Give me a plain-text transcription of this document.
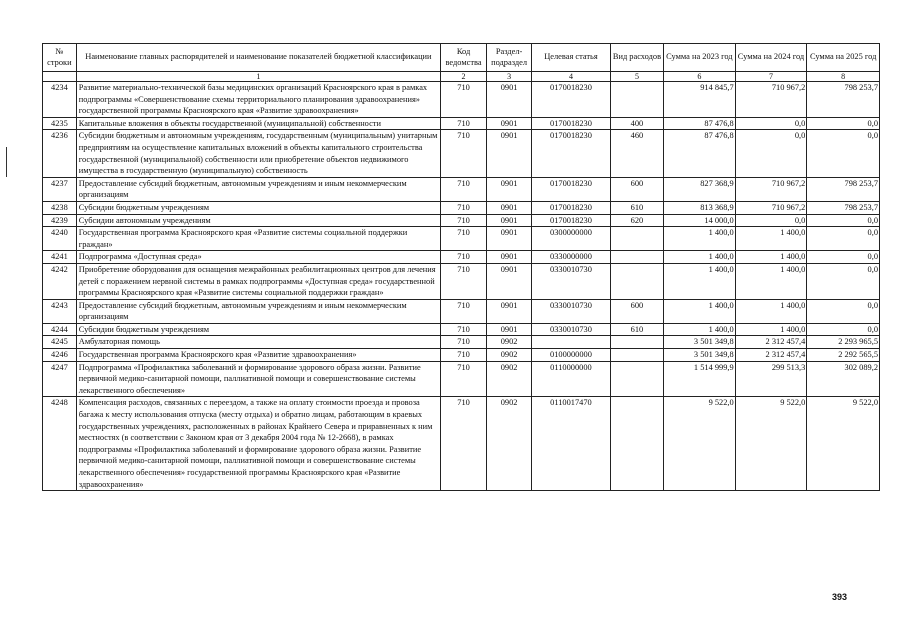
№ строки	Наименование главных распорядителей и наименование показателей бюджетной классификации	Код ведомства	Раздел-подраздел	Целевая статья	Вид расходов	Сумма на 2023 год	Сумма на 2024 год	Сумма на 2025 год
	1	2	3	4	5	6	7	8
4234	Развитие материально-технической базы медицинских организаций Красноярского края в рамках подпрограммы «Совершенствование схемы территориального планирования здравоохранения» государственной программы Красноярского края «Развитие здравоохранения»	710	0901	0170018230		914 845,7	710 967,2	798 253,7
4235	Капитальные вложения в объекты государственной (муниципальной) собственности	710	0901	0170018230	400	87 476,8	0,0	0,0
4236	Субсидии бюджетным и автономным учреждениям, государственным (муниципальным) унитарным предприятиям на осуществление капитальных вложений в объекты капитального строительства государственной (муниципальной) собственности или приобретение объектов недвижимого имущества в государственную (муниципальную) собственность	710	0901	0170018230	460	87 476,8	0,0	0,0
4237	Предоставление субсидий бюджетным, автономным учреждениям и иным некоммерческим организациям	710	0901	0170018230	600	827 368,9	710 967,2	798 253,7
4238	Субсидии бюджетным учреждениям	710	0901	0170018230	610	813 368,9	710 967,2	798 253,7
4239	Субсидии автономным учреждениям	710	0901	0170018230	620	14 000,0	0,0	0,0
4240	Государственная программа Красноярского края «Развитие системы социальной поддержки граждан»	710	0901	0300000000		1 400,0	1 400,0	0,0
4241	Подпрограмма «Доступная среда»	710	0901	0330000000		1 400,0	1 400,0	0,0
4242	Приобретение оборудования для оснащения межрайонных реабилитационных центров для лечения детей с поражением нервной системы в рамках подпрограммы «Доступная среда» государственной программы Красноярского края «Развитие системы социальной поддержки граждан»	710	0901	0330010730		1 400,0	1 400,0	0,0
4243	Предоставление субсидий бюджетным, автономным учреждениям и иным некоммерческим организациям	710	0901	0330010730	600	1 400,0	1 400,0	0,0
4244	Субсидии бюджетным учреждениям	710	0901	0330010730	610	1 400,0	1 400,0	0,0
4245	Амбулаторная помощь	710	0902			3 501 349,8	2 312 457,4	2 293 965,5
4246	Государственная программа Красноярского края «Развитие здравоохранения»	710	0902	0100000000		3 501 349,8	2 312 457,4	2 292 565,5
4247	Подпрограмма «Профилактика заболеваний и формирование здорового образа жизни. Развитие первичной медико-санитарной помощи, паллиативной помощи и совершенствование системы лекарственного обеспечения»	710	0902	0110000000		1 514 999,9	299 513,3	302 089,2
4248	Компенсация расходов, связанных с переездом, а также на оплату стоимости проезда и провоза багажа к месту использования отпуска (месту отдыха) и обратно лицам, работающим в краевых государственных учреждениях, расположенных в районах Крайнего Севера и приравненных к ним местностях (в соответствии с Законом края от 3 декабря 2004 года № 12-2668), в рамках подпрограммы «Профилактика заболеваний и формирование здорового образа жизни. Развитие первичной медико-санитарной помощи, паллиативной помощи и совершенствование системы лекарственного обеспечения» государственной программы Красноярского края «Развитие здравоохранения»	710	0902	0110017470		9 522,0	9 522,0	9 522,0
393
